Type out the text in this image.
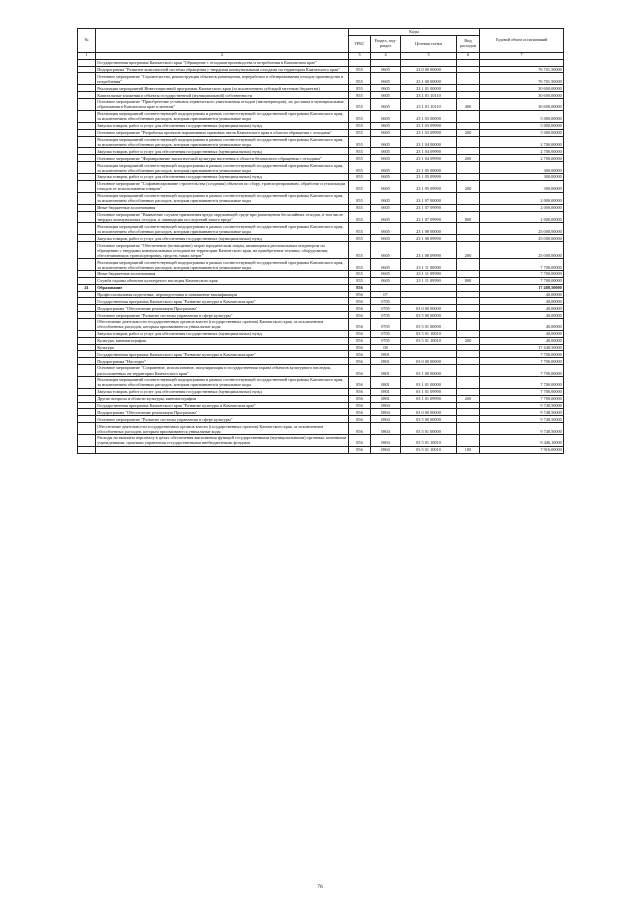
№		Коды				Годовой объем ассигнований
		ГРБС	Раздел, под-раздел	Целевая статья	Вид расходов	
1	2	3	4	5	6	7
	Государственная программа Камчатского края "Обращение с отходами производства и потребления в Камчатском крае"					
	Подпрограмма "Развитие комплексной системы обращения с твердыми коммунальными отходами на территории Камчатского края"	855	0605	23 0 00 00000		76 701,50000
	Основное мероприятие "Строительство, реконструкция объектов размещения, переработки и обезвреживания отходов производства и потребления"	855	0605	23 1 00 00000		76 701,50000
	Реализация мероприятий Инвестиционной программы Камчатского края (за исключением субсидий местным бюджетам)	855	0605	23 1 01 00000		30 600,00000
	Капитальные вложения в объекты государственной (муниципальной) собственности	855	0605	23 1 01 10110		30 600,00000
	Основное мероприятие "Приобретение установок термического уничтожения отходов (инсинераторов), их доставка в муниципальные образования в Камчатском крае и монтаж"	855	0605	23 1 01 10110	400	30 600,00000
	Реализация мероприятий соответствующей подпрограммы в рамках соответствующей государственной программы Камчатского края, за исключением обособленных расходов, которым присваиваются уникальные коды	855	0605	23 1 03 00000		5 000,00000
	Закупка товаров, работ и услуг для обеспечения государственных (муниципальных) нужд	855	0605	23 1 03 09990		5 000,00000
	Основное мероприятие "Разработка проектов нормативных правовых актов Камчатского края в области обращения с отходами"	855	0605	23 1 03 09990	200	5 000,00000
	Реализация мероприятий соответствующей подпрограммы в рамках соответствующей государственной программы Камчатского края, за исключением обособленных расходов, которым присваиваются уникальные коды	855	0605	23 1 04 00000		2 700,00000
	Закупка товаров, работ и услуг для обеспечения государственных (муниципальных) нужд	855	0605	23 1 04 09990		2 700,00000
	Основное мероприятие "Формирование экологической культуры населения в области безопасного обращения с отходами"	855	0605	23 1 04 09990	200	2 700,00000
	Реализация мероприятий соответствующей подпрограммы в рамках соответствующей государственной программы Камчатского края, за исключением обособленных расходов, которым присваиваются уникальные коды	855	0605	23 1 05 00000		300,00000
	Закупка товаров, работ и услуг для обеспечения государственных (муниципальных) нужд	855	0605	23 1 05 09990		300,00000
	Основное мероприятие "Софинансирование строительства (создания) объектов по сбору, транспортированию, обработке и утилизации отходов от использования товаров"	855	0605	23 1 05 09990	200	300,00000
	Реализация мероприятий соответствующей подпрограммы в рамках соответствующей государственной программы Камчатского края, за исключением обособленных расходов, которым присваиваются уникальные коды	855	0605	23 1 07 00000		2 000,00000
	Иные бюджетные ассигнования	855	0605	23 1 07 09990		2 000,00000
	Основное мероприятие "Выявление случаев причинения вреда окружающей среде при размещении бесхозяйных отходов, в том числе твердых коммунальных отходов, и ликвидация последствий такого вреда"	855	0605	23 1 07 09990	800	2 000,00000
	Реализация мероприятий соответствующей подпрограммы в рамках соответствующей государственной программы Камчатского края, за исключением обособленных расходов, которым присваиваются уникальные коды	855	0605	23 1 08 00000		25 000,00000
	Закупка товаров, работ и услуг для обеспечения государственных (муниципальных) нужд	855	0605	23 1 08 09990		25 000,00000
	Основное мероприятие "Обеспечение (возмещение) затрат юридическим лицам, являющимся региональным оператором по обращению с твердыми коммунальными отходами на территории Камчатского края, на приобретение техники, оборудования, обеспечивающих транспортировку, средств, таких затрат"	855	0605	23 1 08 09990	200	25 000,00000
	Реализация мероприятий соответствующей подпрограммы в рамках соответствующей государственной программы Камчатского края, за исключением обособленных расходов, которым присваиваются уникальные коды	855	0605	23 1 11 00000		7 700,00000
	Иные бюджетные ассигнования	855	0605	23 1 11 09990		7 700,00000
	Служба охраны объектов культурного наследия Камчатского края	855	0605	23 1 11 09990	800	7 700,00000
41	Образование	856				17 488,50000
	Профессиональная подготовка, переподготовка и повышение квалификации	856	07			40,00000
	Государственная программа Камчатского края "Развитие культуры в Камчатском крае"	856	0705			40,00000
	Подпрограмма "Обеспечение реализации Программы"	856	0705	03 0 00 00000		40,00000
	Основное мероприятие "Развитие системы управления в сфере культуры"	856	0705	03 5 00 00000		40,00000
	Обеспечение деятельности государственных органов власти (государственных органов) Камчатского края, за исключением обособленных расходов, которым присваиваются уникальные коды	856	0705	03 5 01 00000		40,00000
	Закупка товаров, работ и услуг для обеспечения государственных (муниципальных) нужд	856	0705	03 5 01 10010		40,00000
	Культура, кинематография	856	0705	03 5 01 10010	200	40,00000
	Культура	856	08			17 448,50000
	Государственная программа Камчатского края "Развитие культуры в Камчатском крае"	856	0801			7 700,00000
	Подпрограмма "Наследие"	856	0801	03 0 00 00000		7 700,00000
	Основное мероприятие "Сохранение, использование, популяризация и государственная охрана объектов культурного наследия, расположенных на территории Камчатского края"	856	0801	03 1 00 00000		7 700,00000
	Реализация мероприятий соответствующей подпрограммы в рамках соответствующей государственной программы Камчатского края, за исключением обособленных расходов, которым присваиваются уникальные коды	856	0801	03 1 01 00000		7 700,00000
	Закупка товаров, работ и услуг для обеспечения государственных (муниципальных) нужд	856	0801	03 1 01 09990		7 700,00000
	Другие вопросы в области культуры, кинематографии	856	0801	03 1 01 09990	200	7 700,00000
	Государственная программа Камчатского края "Развитие культуры в Камчатском крае"	856	0804			9 748,50000
	Подпрограмма "Обеспечение реализации Программы"	856	0804	03 0 00 00000		9 748,50000
	Основное мероприятие "Развитие системы управления в сфере культуры"	856	0804	03 5 00 00000		9 748,50000
	Обеспечение деятельности государственных органов власти (государственных органов) Камчатского края, за исключением обособленных расходов, которым присваиваются уникальные коды	856	0804	03 5 01 00000		9 748,50000
	Расходы на выплаты персоналу в целях обеспечения выполнения функций государственными (муниципальными) органами, казенными учреждениями, органами управления государственными внебюджетными фондами	856	0804	03 5 01 10010		9 446,10000
		856	0804	03 5 01 10010	100	7 916,00000
76
